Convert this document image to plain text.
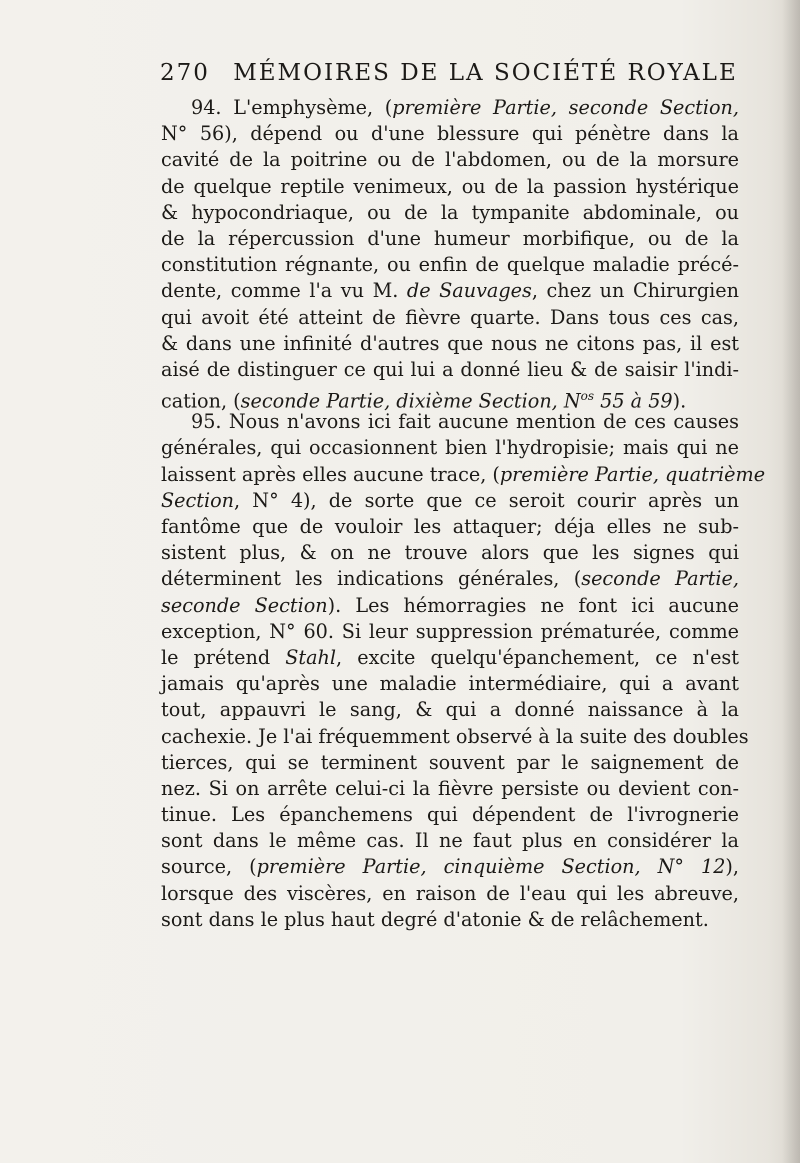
270 MÉMOIRES DE LA SOCIÉTÉ ROYALE
94. L'emphysème, (première Partie, seconde Section,
N° 56), dépend ou d'une blessure qui pénètre dans la
cavité de la poitrine ou de l'abdomen, ou de la morsure
de quelque reptile venimeux, ou de la passion hystérique
& hypocondriaque, ou de la tympanite abdominale, ou
de la répercussion d'une humeur morbifique, ou de la
constitution régnante, ou enfin de quelque maladie précé-
dente, comme l'a vu M. de Sauvages, chez un Chirurgien
qui avoit été atteint de fièvre quarte. Dans tous ces cas,
& dans une infinité d'autres que nous ne citons pas, il est
aisé de distinguer ce qui lui a donné lieu & de saisir l'indi-
cation, (seconde Partie, dixième Section, $N^{os}$ 55 à 59).
95. Nous n'avons ici fait aucune mention de ces causes
générales, qui occasionnent bien l'hydropisie; mais qui ne
laissent après elles aucune trace, (première Partie, quatrième
Section, N° 4), de sorte que ce seroit courir après un
fantôme que de vouloir les attaquer; déja elles ne sub-
sistent plus, & on ne trouve alors que les signes qui
déterminent les indications générales, (seconde Partie,
seconde Section). Les hémorragies ne font ici aucune
exception, N° 60. Si leur suppression prématurée, comme
le prétend Stahl, excite quelqu'épanchement, ce n'est
jamais qu'après une maladie intermédiaire, qui a avant
tout, appauvri le sang, & qui a donné naissance à la
cachexie. Je l'ai fréquemment observé à la suite des doubles
tierces, qui se terminent souvent par le saignement de
nez. Si on arrête celui-ci la fièvre persiste ou devient con-
tinue. Les épanchemens qui dépendent de l'ivrognerie
sont dans le même cas. Il ne faut plus en considérer la
source, (première Partie, cinquième Section, N° 12),
lorsque des viscères, en raison de l'eau qui les abreuve,
sont dans le plus haut degré d'atonie & de relâchement.
